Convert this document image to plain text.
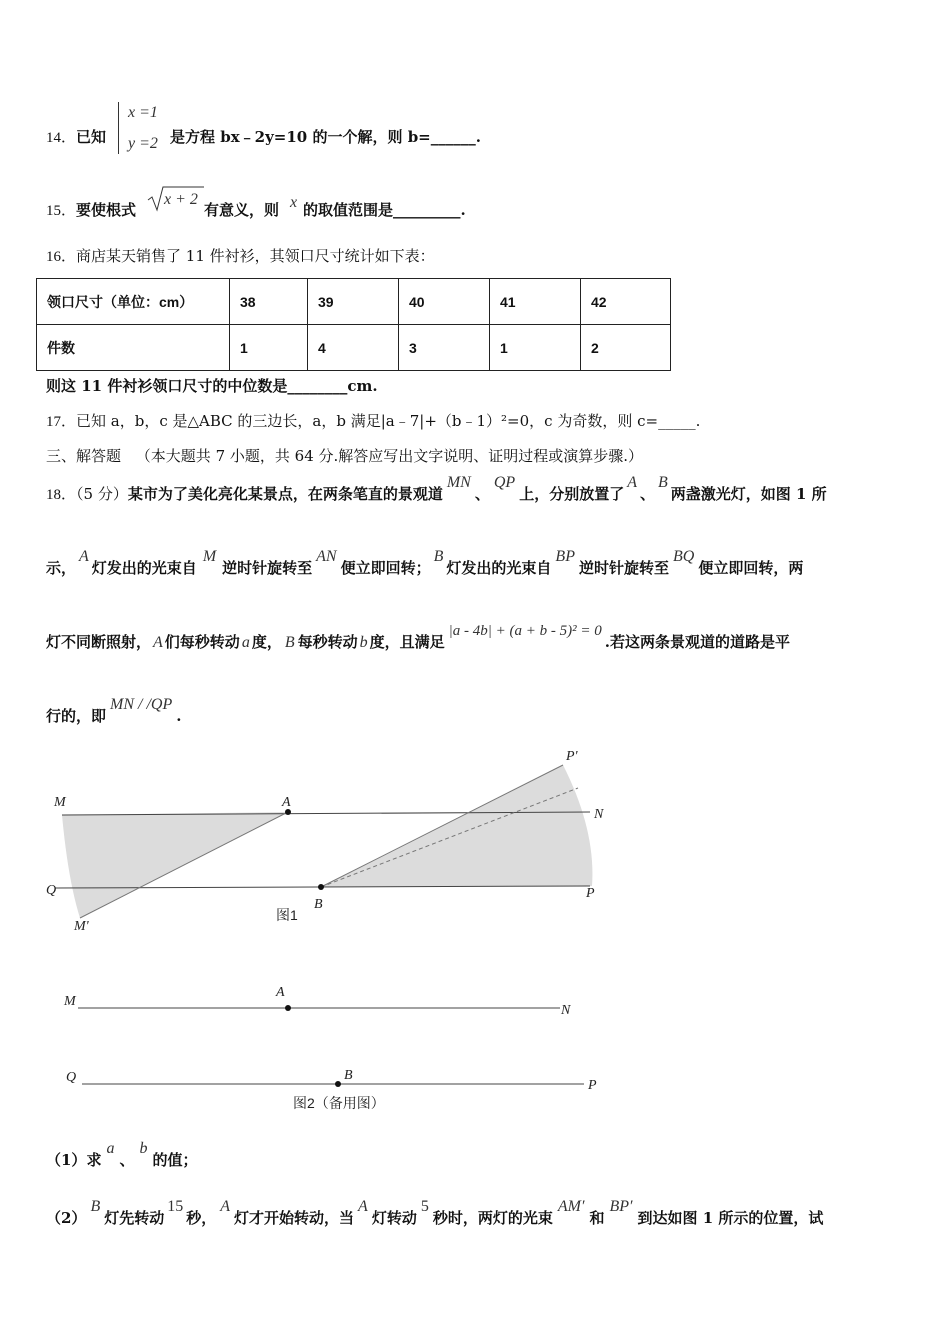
14．已知
x =1
y =2 是方程 bx﹣2y=10 的一个解，则 b=______.
15．要使根式
x + 2
有意义，则 x 的取值范围是_________.
16．商店某天销售了 11 件衬衫，其领口尺寸统计如下表：
领口尺寸（单位：cm）	38	39	40	41	42
件数	1	4	3	1	2
则这 11 件衬衫领口尺寸的中位数是________cm.
17．已知 a，b，c 是△ABC 的三边长，a，b 满足|a﹣7|+（b﹣1）²=0，c 为奇数，则 c=_____.
三、解答题 （本大题共 7 小题，共 64 分.解答应写出文字说明、证明过程或演算步骤.）
18．（5 分）某市为了美化亮化某景点，在两条笔直的景观道MN、QP上，分别放置了A、B两盏激光灯，如图 1 所
示，A灯发出的光束自M逆时针旋转至AN便立即回转；B灯发出的光束自BP逆时针旋转至BQ便立即回转，两
灯不同断照射， A 们每秒转动 a 度， B 每秒转动 b 度，且满足|a - 4b| + (a + b - 5)² = 0.若这两条景观道的道路是平
行的，即MN / /QP.
M	A
N
Q
B
P
M'
P'
图1
M
A
N
Q	B
P
图2（备用图）
（1）求a、b的值；
（2）B灯先转动15秒，A灯才开始转动，当A灯转动5秒时，两灯的光束AM′和BP′到达如图 1 所示的位置，试
